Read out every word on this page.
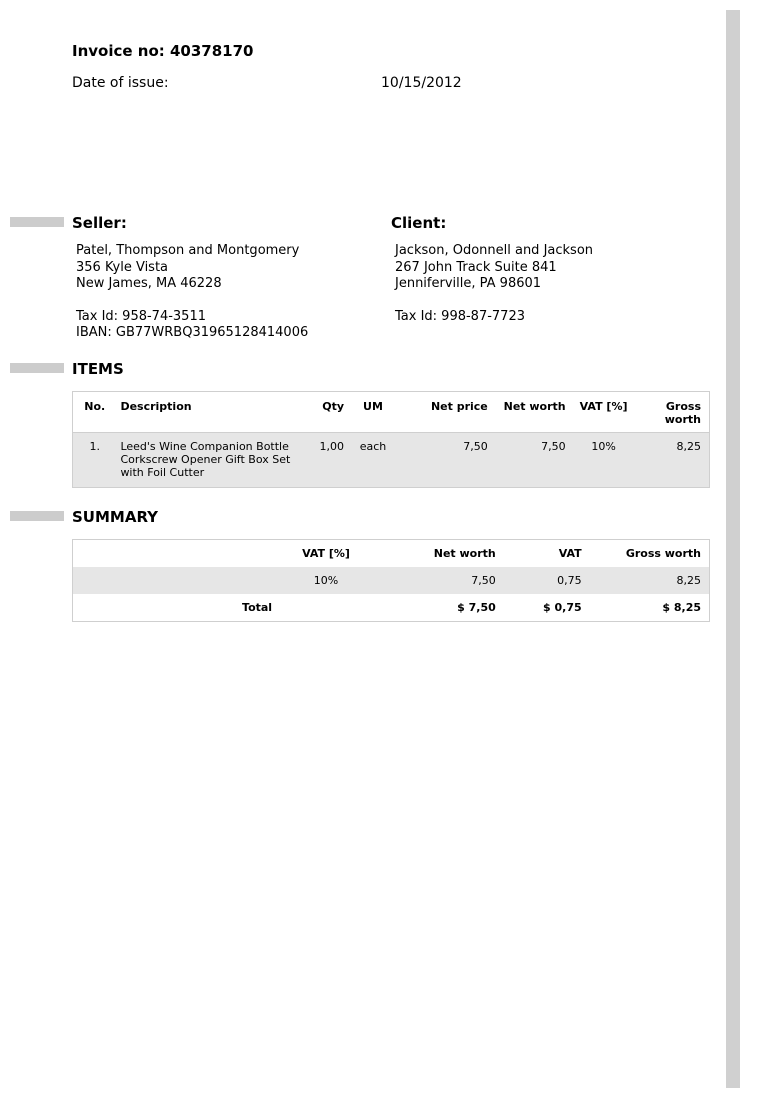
Invoice no: 40378170
Date of issue:	10/15/2012
Seller:	Client:
Patel, Thompson and Montgomery
356 Kyle Vista
New James, MA 46228
Tax Id: 958-74-3511
IBAN: GB77WRBQ31965128414006
Jackson, Odonnell and Jackson
267 John Track Suite 841
Jenniferville, PA 98601
Tax Id: 998-87-7723
ITEMS
No.	Description	Qty	UM	Net price	Net worth	VAT [%]	Gross worth
1.	Leed's Wine Companion Bottle Corkscrew Opener Gift Box Set with Foil Cutter	1,00	each	7,50	7,50	10%	8,25
SUMMARY
	VAT [%]	Net worth	VAT	Gross worth
	10%	7,50	0,75	8,25
Total		$ 7,50	$ 0,75	$ 8,25
